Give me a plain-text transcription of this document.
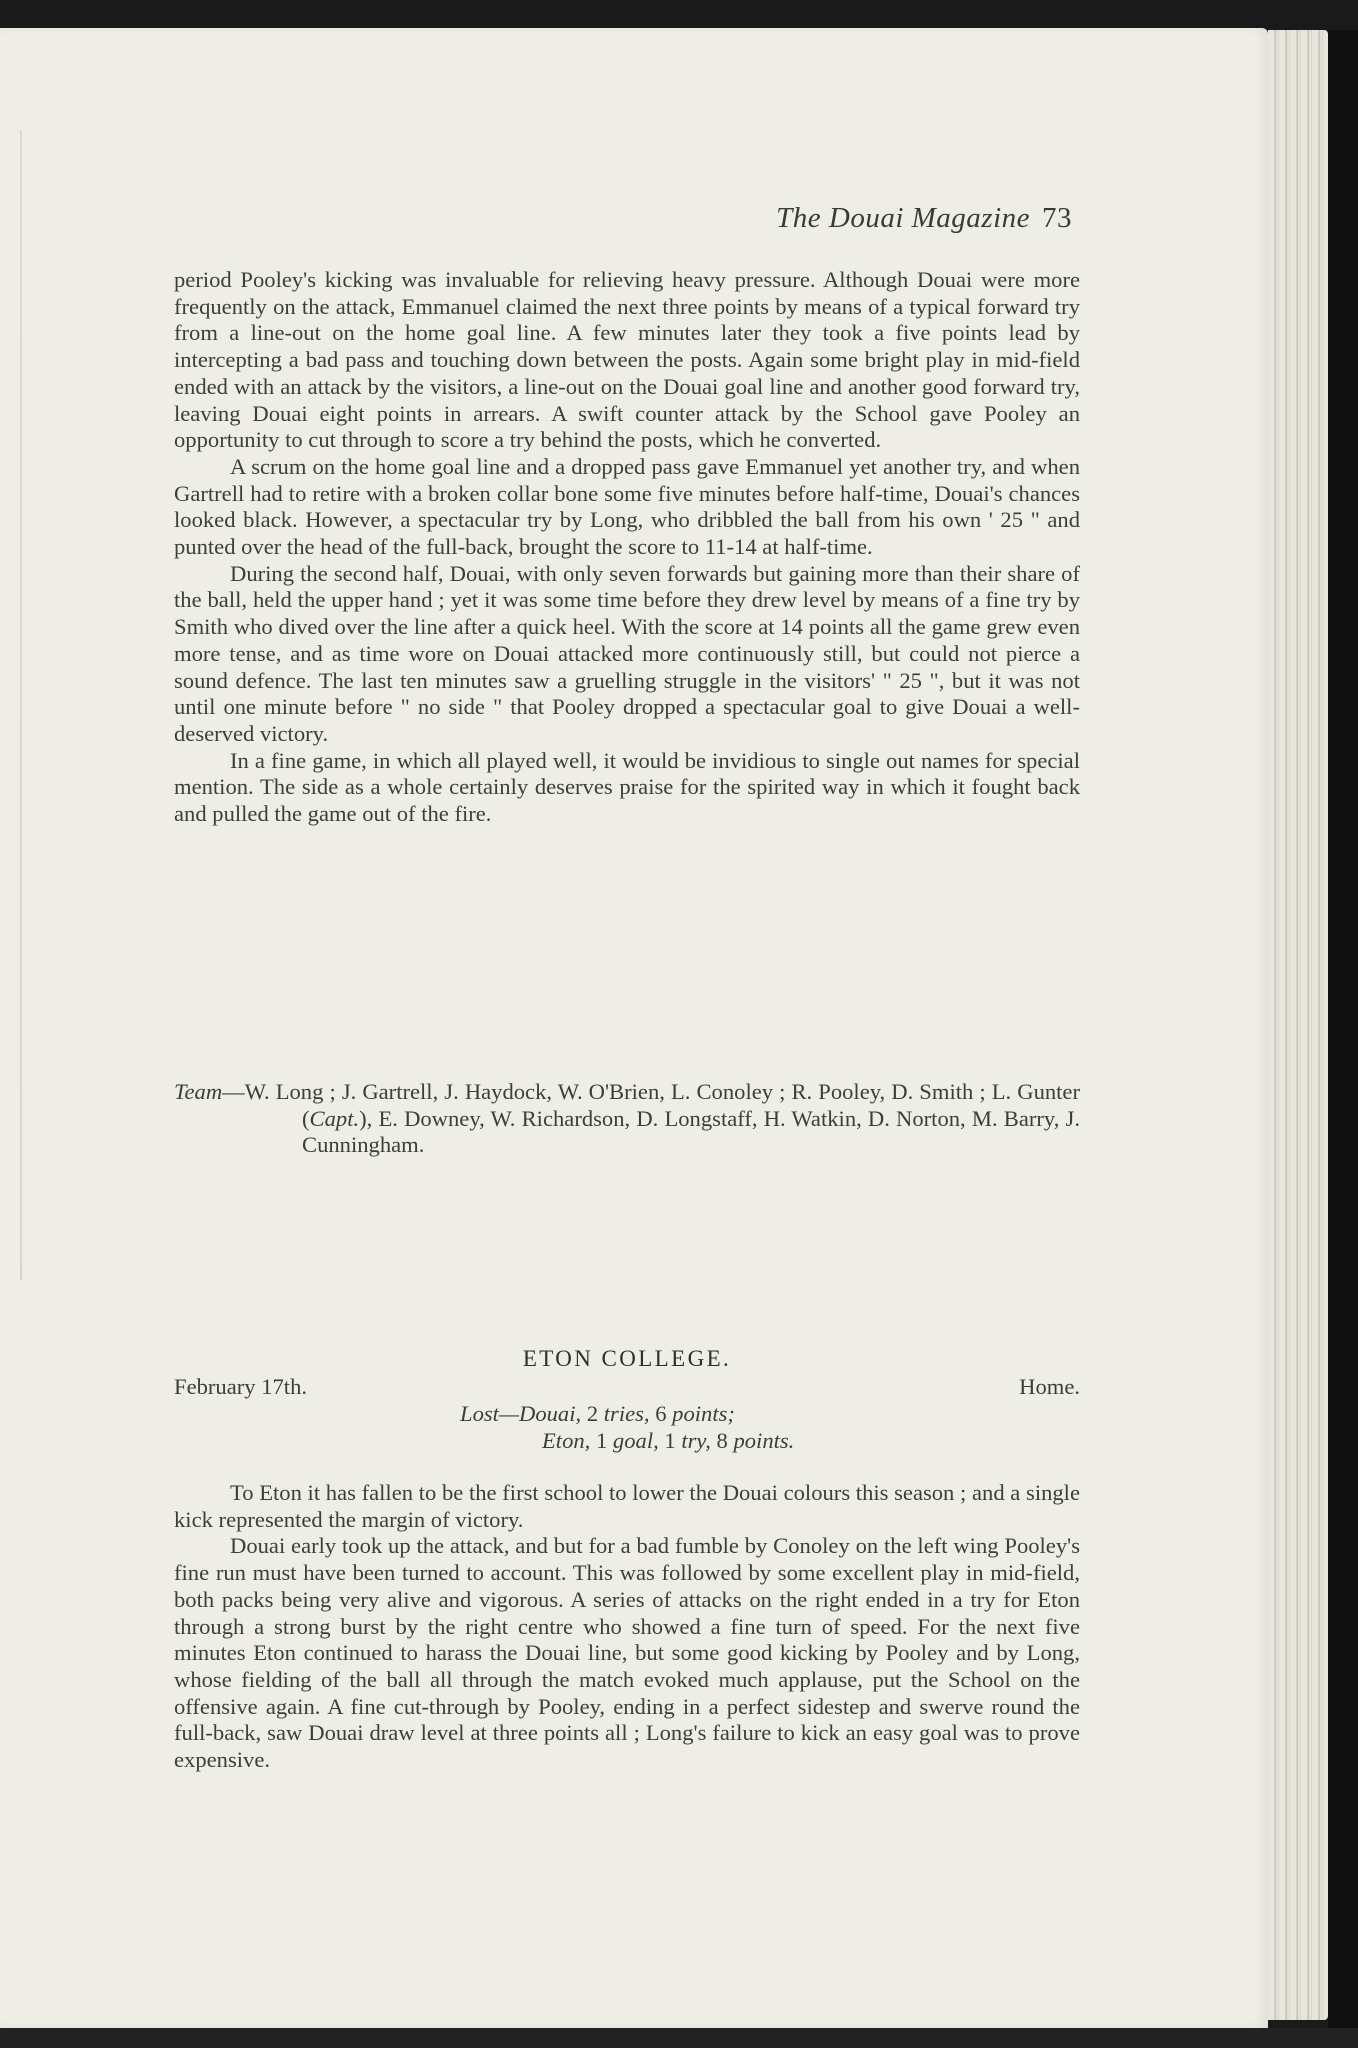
The Douai Magazine 73

period Pooley's kicking was invaluable for relieving heavy pressure. Although Douai were more frequently on the attack, Emmanuel claimed the next three points by means of a typical forward try from a line-out on the home goal line. A few minutes later they took a five points lead by intercepting a bad pass and touching down between the posts. Again some bright play in mid-field ended with an attack by the visitors, a line-out on the Douai goal line and another good forward try, leaving Douai eight points in arrears. A swift counter attack by the School gave Pooley an opportunity to cut through to score a try behind the posts, which he converted.

A scrum on the home goal line and a dropped pass gave Emmanuel yet another try, and when Gartrell had to retire with a broken collar bone some five minutes before half-time, Douai's chances looked black. However, a spectacular try by Long, who dribbled the ball from his own ' 25 " and punted over the head of the full-back, brought the score to 11-14 at half-time.

During the second half, Douai, with only seven forwards but gaining more than their share of the ball, held the upper hand ; yet it was some time before they drew level by means of a fine try by Smith who dived over the line after a quick heel. With the score at 14 points all the game grew even more tense, and as time wore on Douai attacked more continuously still, but could not pierce a sound defence. The last ten minutes saw a gruelling struggle in the visitors' " 25 ", but it was not until one minute before " no side " that Pooley dropped a spectacular goal to give Douai a well-deserved victory.

In a fine game, in which all played well, it would be invidious to single out names for special mention. The side as a whole certainly deserves praise for the spirited way in which it fought back and pulled the game out of the fire.

Team—W. Long ; J. Gartrell, J. Haydock, W. O'Brien, L. Conoley ; R. Pooley, D. Smith ; L. Gunter (Capt.), E. Downey, W. Richardson, D. Longstaff, H. Watkin, D. Norton, M. Barry, J. Cunningham.

ETON COLLEGE.
February 17th.	Home.
Lost—Douai, 2 tries, 6 points;
Eton, 1 goal, 1 try, 8 points.

To Eton it has fallen to be the first school to lower the Douai colours this season ; and a single kick represented the margin of victory.

Douai early took up the attack, and but for a bad fumble by Conoley on the left wing Pooley's fine run must have been turned to account. This was followed by some excellent play in mid-field, both packs being very alive and vigorous. A series of attacks on the right ended in a try for Eton through a strong burst by the right centre who showed a fine turn of speed. For the next five minutes Eton continued to harass the Douai line, but some good kicking by Pooley and by Long, whose fielding of the ball all through the match evoked much applause, put the School on the offensive again. A fine cut-through by Pooley, ending in a perfect sidestep and swerve round the full-back, saw Douai draw level at three points all ; Long's failure to kick an easy goal was to prove expensive.
